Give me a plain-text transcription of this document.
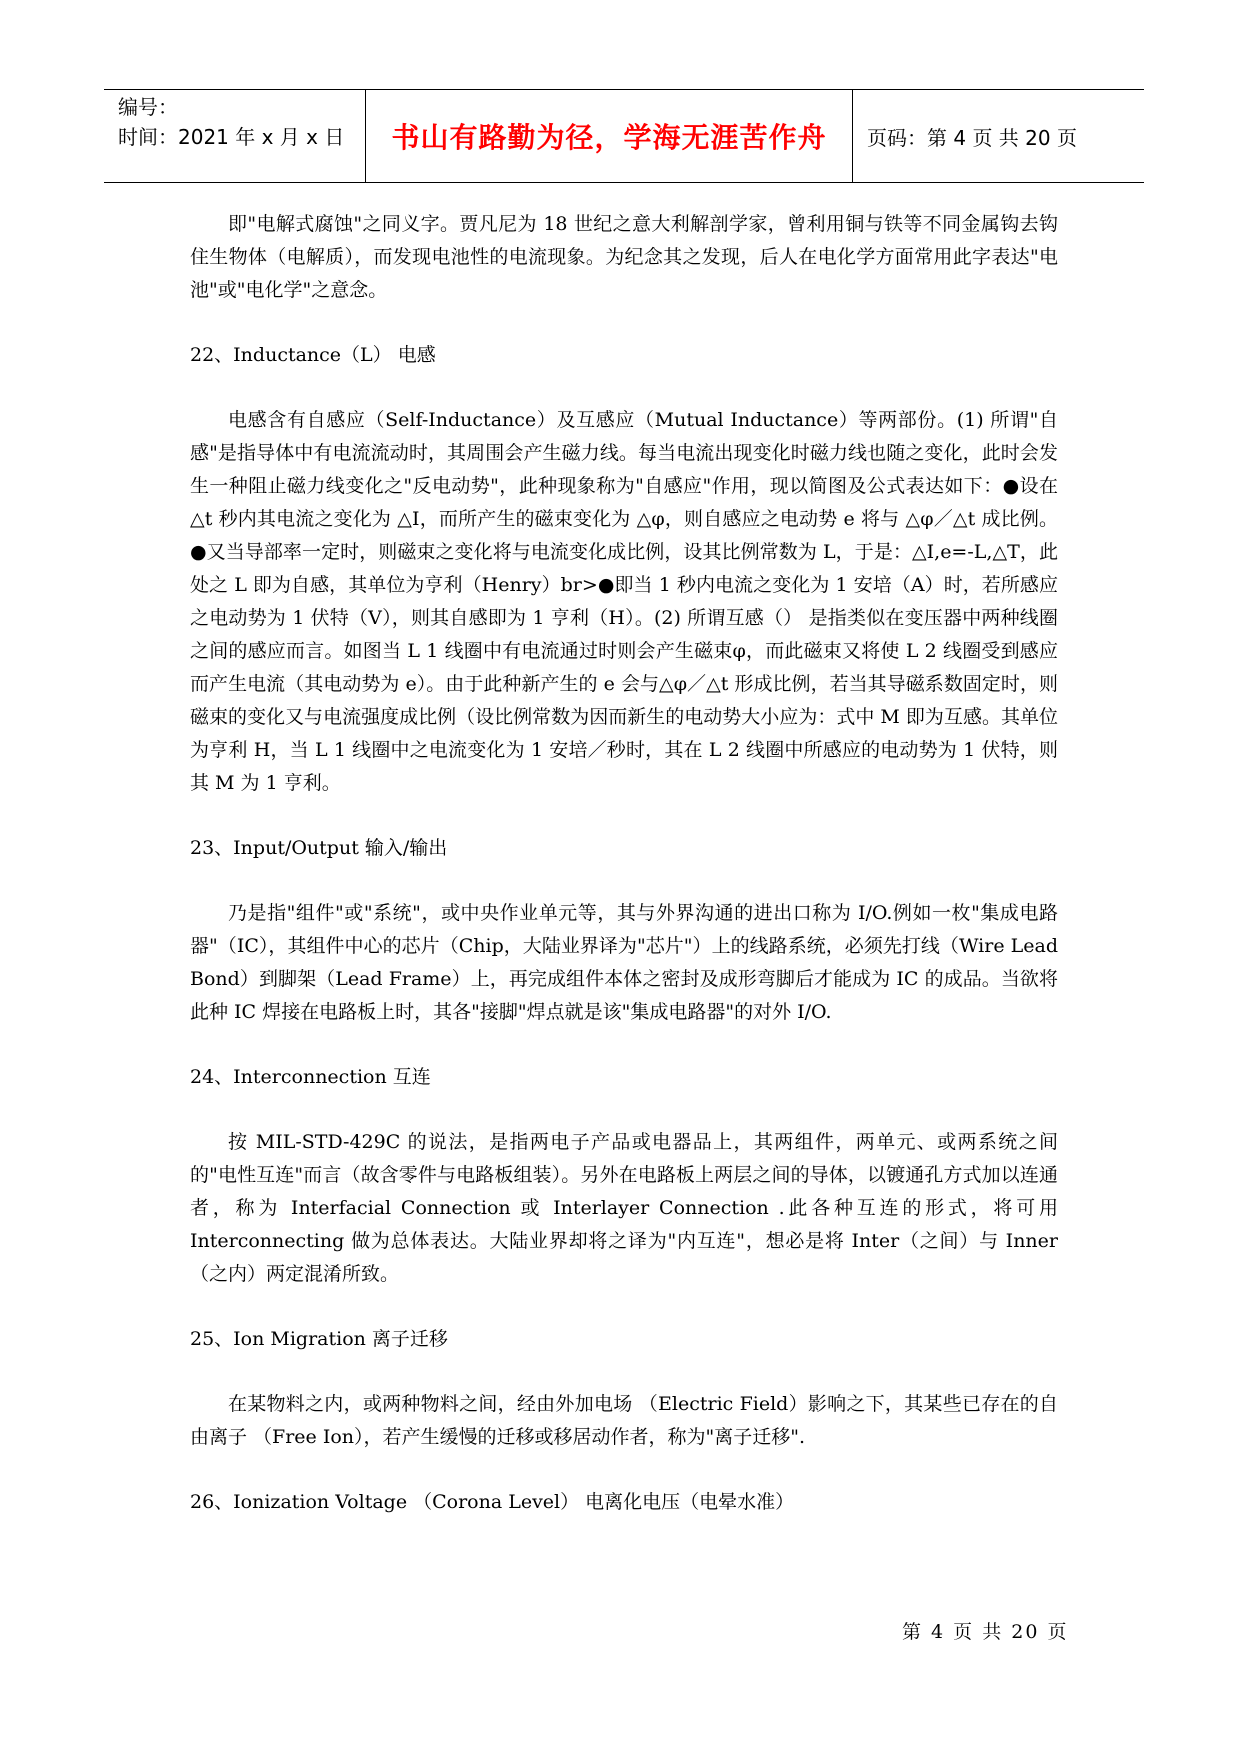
编号：
时间：2021 年 x 月 x 日	书山有路勤为径，学海无涯苦作舟	页码：第 4 页 共 20 页

即"电解式腐蚀"之同义字。贾凡尼为 18 世纪之意大利解剖学家，曾利用铜与铁等不同金属钩去钩住生物体（电解质），而发现电池性的电流现象。为纪念其之发现，后人在电化学方面常用此字表达"电池"或"电化学"之意念。

22、Inductance（L） 电感

电感含有自感应（Self-Inductance）及互感应（Mutual Inductance）等两部份。(1) 所谓"自感"是指导体中有电流流动时，其周围会产生磁力线。每当电流出现变化时磁力线也随之变化，此时会发生一种阻止磁力线变化之"反电动势"，此种现象称为"自感应"作用，现以简图及公式表达如下：●设在 △t 秒内其电流之变化为 △I，而所产生的磁束变化为 △φ，则自感应之电动势 e 将与 △φ／△t 成比例。●又当导部率一定时，则磁束之变化将与电流变化成比例，设其比例常数为 L，于是：△I,e=-L,△T，此处之 L 即为自感，其单位为亨利（Henry）br>●即当 1 秒内电流之变化为 1 安培（A）时，若所感应之电动势为 1 伏特（V），则其自感即为 1 亨利（H）。(2) 所谓互感（） 是指类似在变压器中两种线圈之间的感应而言。如图当 L 1 线圈中有电流通过时则会产生磁束φ，而此磁束又将使 L 2 线圈受到感应而产生电流（其电动势为 e）。由于此种新产生的 e 会与△φ／△t 形成比例，若当其导磁系数固定时，则磁束的变化又与电流强度成比例（设比例常数为因而新生的电动势大小应为：式中 M 即为互感。其单位为亨利 H，当 L 1 线圈中之电流变化为 1 安培／秒时，其在 L 2 线圈中所感应的电动势为 1 伏特，则其 M 为 1 亨利。

23、Input/Output 输入/输出

乃是指"组件"或"系统"，或中央作业单元等，其与外界沟通的进出口称为 I/O.例如一枚"集成电路器"（IC），其组件中心的芯片（Chip，大陆业界译为"芯片"）上的线路系统，必须先打线（Wire Lead Bond）到脚架（Lead Frame）上，再完成组件本体之密封及成形弯脚后才能成为 IC 的成品。当欲将此种 IC 焊接在电路板上时，其各"接脚"焊点就是该"集成电路器"的对外 I/O.

24、Interconnection 互连

按 MIL-STD-429C 的说法，是指两电子产品或电器品上，其两组件，两单元、或两系统之间的"电性互连"而言（故含零件与电路板组装）。另外在电路板上两层之间的导体，以镀通孔方式加以连通者，称为 Interfacial Connection 或 Interlayer Connection .此各种互连的形式，将可用 Interconnecting 做为总体表达。大陆业界却将之译为"内互连"，想必是将 Inter（之间）与 Inner（之内）两定混淆所致。

25、Ion Migration 离子迁移

在某物料之内，或两种物料之间，经由外加电场 （Electric Field）影响之下，其某些已存在的自由离子 （Free Ion），若产生缓慢的迁移或移居动作者，称为"离子迁移".

26、Ionization Voltage （Corona Level） 电离化电压（电晕水准）

第 4 页 共 20 页
